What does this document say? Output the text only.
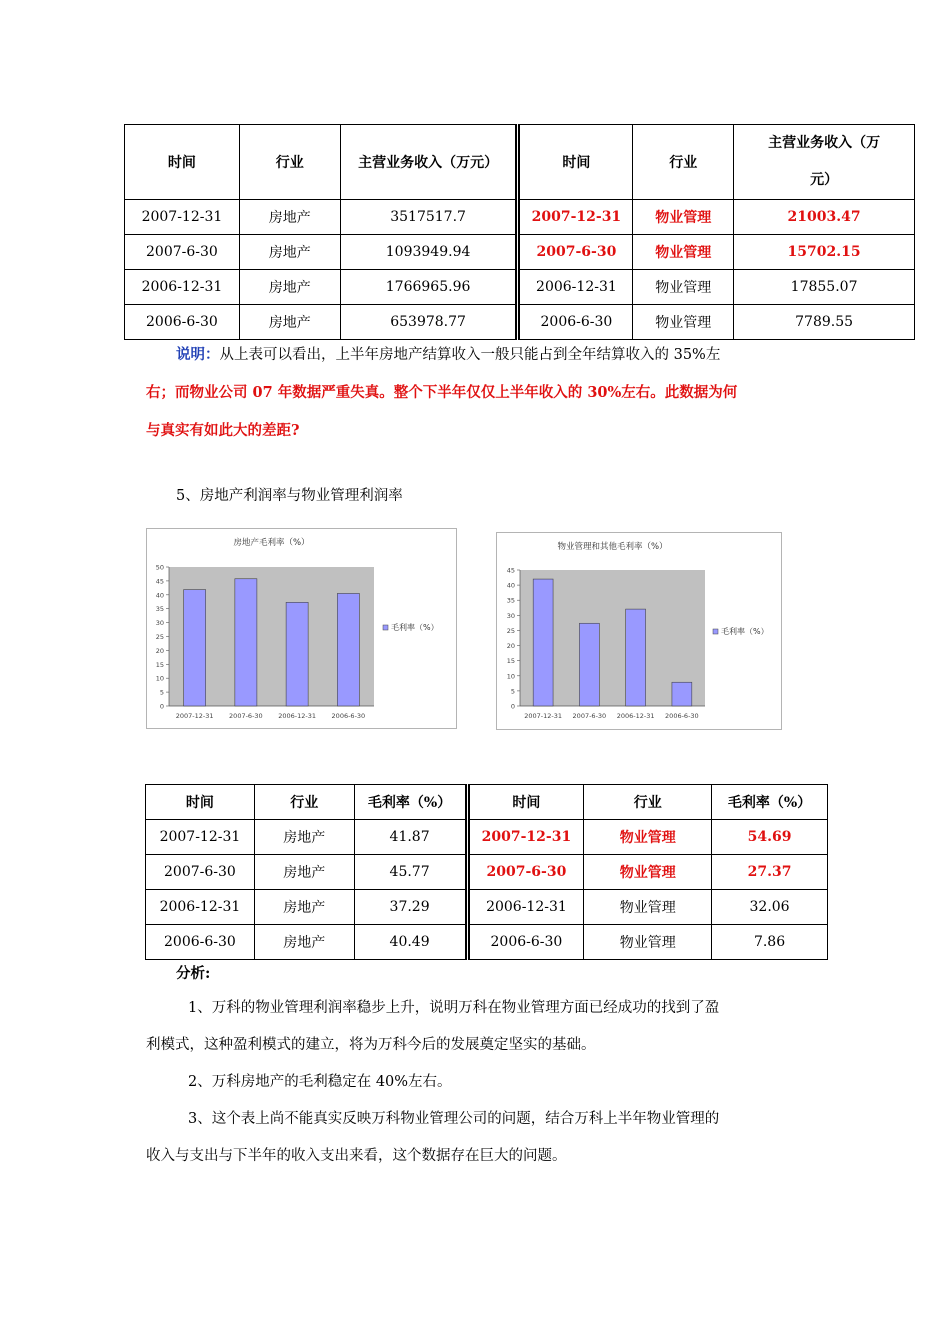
时间	行业	主营业务收入（万元）	时间	行业	主营业务收入（万
元）
2007-12-31	房地产	3517517.7	2007-12-31	物业管理	21003.47
2007-6-30	房地产	1093949.94	2007-6-30	物业管理	15702.15
2006-12-31	房地产	1766965.96	2006-12-31	物业管理	17855.07
2006-6-30	房地产	653978.77	2006-6-30	物业管理	7789.55
说明：从上表可以看出，上半年房地产结算收入一般只能占到全年结算收入的 35%左
右；而物业公司 07 年数据严重失真。整个下半年仅仅上半年收入的 30%左右。此数据为何
与真实有如此大的差距?
5、房地产利润率与物业管理利润率
房地产毛利率（%）
0
5
10
15
20
25
30
35
40
45
50
2007-12-31 2007-6-30 2006-12-31 2006-6-30
毛利率（%）
物业管理和其他毛利率（%）
0
5
10
15
20
25
30
35
40
45
2007-12-31 2007-6-30 2006-12-31 2006-6-30
毛利率（%）
时间	行业	毛利率（%）	时间	行业	毛利率（%）
2007-12-31	房地产	41.87	2007-12-31	物业管理	54.69
2007-6-30	房地产	45.77	2007-6-30	物业管理	27.37
2006-12-31	房地产	37.29	2006-12-31	物业管理	32.06
2006-6-30	房地产	40.49	2006-6-30	物业管理	7.86
分析:
1、万科的物业管理利润率稳步上升，说明万科在物业管理方面已经成功的找到了盈
利模式，这种盈利模式的建立，将为万科今后的发展奠定坚实的基础。
2、万科房地产的毛利稳定在 40%左右。
3、这个表上尚不能真实反映万科物业管理公司的问题，结合万科上半年物业管理的
收入与支出与下半年的收入支出来看，这个数据存在巨大的问题。
